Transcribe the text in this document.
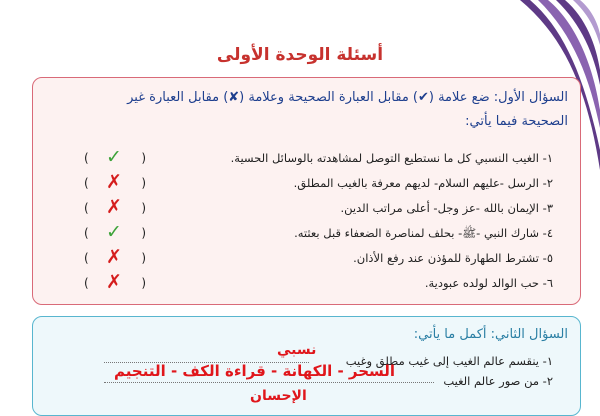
أسئلة الوحدة الأولى
السؤال الأول: ضع علامة (✔) مقابل العبارة الصحيحة وعلامة (✘) مقابل العبارة غير
الصحيحة فيما يأتي:
١- الغيب النسبي كل ما نستطيع التوصل لمشاهدته بالوسائل الحسية.
( ✓ )
٢- الرسل -عليهم السلام- لديهم معرفة بالغيب المطلق.
( ✗ )
٣- الإيمان بالله -عز وجل- أعلى مراتب الدين.
( ✗ )
٤- شارك النبي -ﷺ- بحلف لمناصرة الضعفاء قبل بعثته.
( ✓ )
٥- تشترط الطهارة للمؤذن عند رفع الأذان.
( ✗ )
٦- حب الوالد لولده عبودية.
( ✗ )
السؤال الثاني: أكمل ما يأتي:
١- ينقسم عالم الغيب إلى غيب مطلق وغيب
نسبي
٢- من صور عالم الغيب
السحر - الكهانة - قراءة الكف - التنجيم
الإحسان
